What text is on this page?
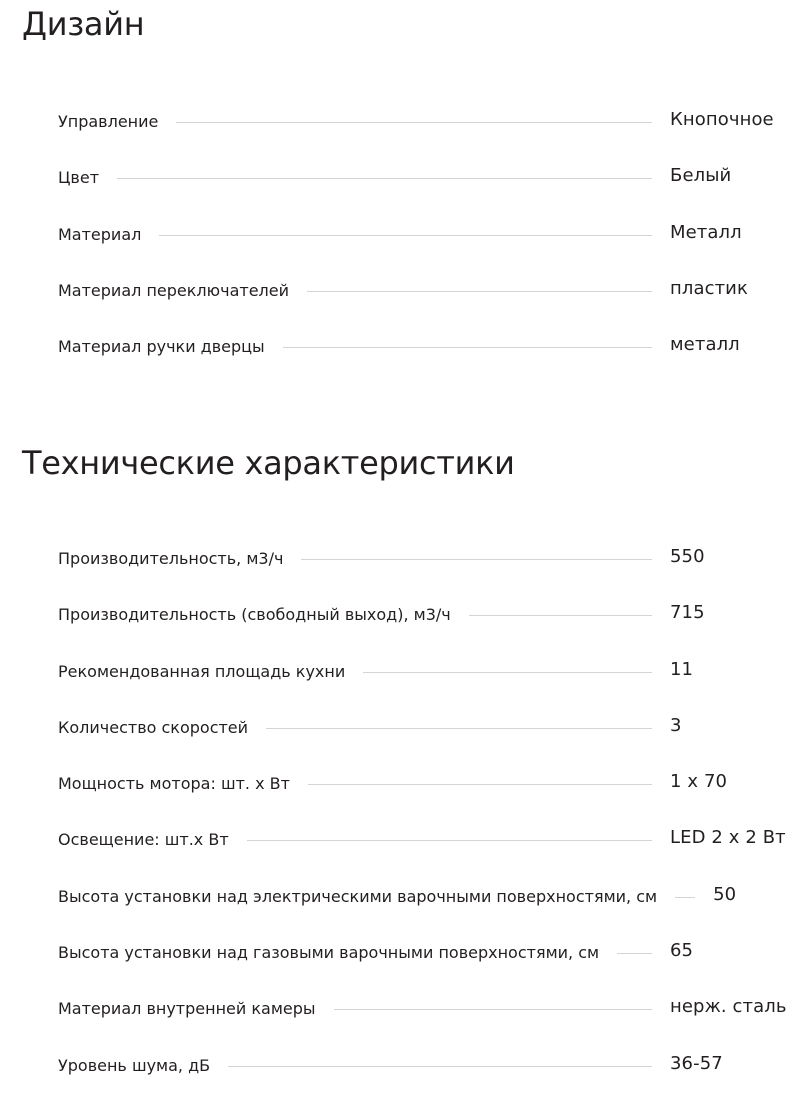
Дизайн
Управление	Кнопочное
Цвет	Белый
Материал	Металл
Материал переключателей	пластик
Материал ручки дверцы	металл
Технические характеристики
Производительность, м3/ч	550
Производительность (свободный выход), м3/ч	715
Рекомендованная площадь кухни	11
Количество скоростей	3
Мощность мотора: шт. х Вт	1 х 70
Освещение: шт.х Вт	LED 2 х 2 Вт
Высота установки над электрическими варочными поверхностями, см	50
Высота установки над газовыми варочными поверхностями, см	65
Материал внутренней камеры	нерж. сталь
Уровень шума, дБ	36-57
